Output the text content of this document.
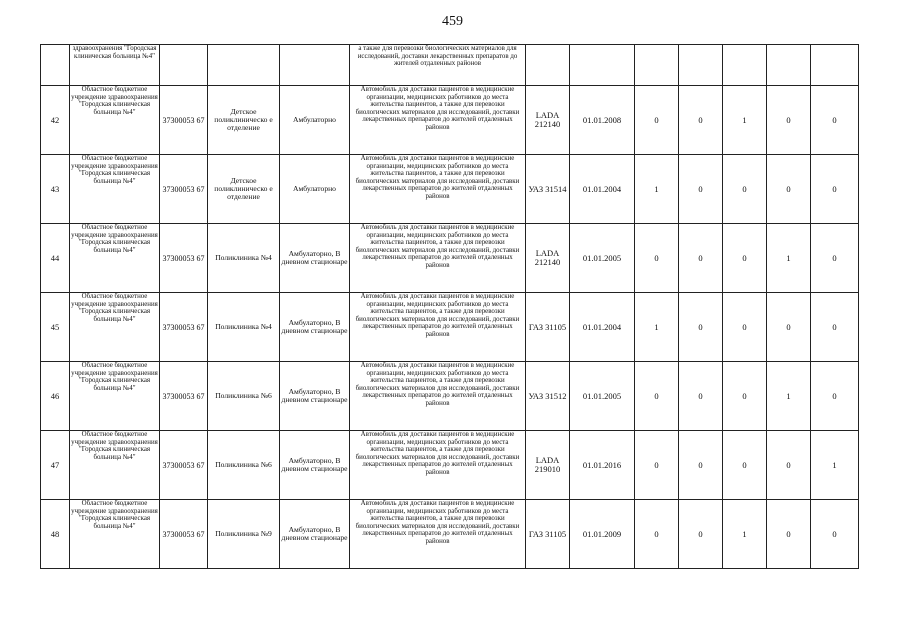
459
	здравоохранения "Городская клиническая больница №4"				а также для перевозки биологических материалов для исследований, доставки лекарственных препаратов до жителей отдаленных районов							
42	Областное бюджетное учреждение здравоохранения "Городская клиническая больница №4"	37300053 67	Детское поликлиническо е отделение	Амбулаторно	Автомобиль для доставки пациентов в медицинские организации, медицинских работников до места жительства пациентов, а также для перевозки биологических материалов для исследований, доставки лекарственных препаратов до жителей отдаленных районов	LADA 212140	01.01.2008	0	0	1	0	0
43	Областное бюджетное учреждение здравоохранения "Городская клиническая больница №4"	37300053 67	Детское поликлиническо е отделение	Амбулаторно	Автомобиль для доставки пациентов в медицинские организации, медицинских работников до места жительства пациентов, а также для перевозки биологических материалов для исследований, доставки лекарственных препаратов до жителей отдаленных районов	УАЗ 31514	01.01.2004	1	0	0	0	0
44	Областное бюджетное учреждение здравоохранения "Городская клиническая больница №4"	37300053 67	Поликлиника №4	Амбулаторно, В дневном стационаре	Автомобиль для доставки пациентов в медицинские организации, медицинских работников до места жительства пациентов, а также для перевозки биологических материалов для исследований, доставки лекарственных препаратов до жителей отдаленных районов	LADA 212140	01.01.2005	0	0	0	1	0
45	Областное бюджетное учреждение здравоохранения "Городская клиническая больница №4"	37300053 67	Поликлиника №4	Амбулаторно, В дневном стационаре	Автомобиль для доставки пациентов в медицинские организации, медицинских работников до места жительства пациентов, а также для перевозки биологических материалов для исследований, доставки лекарственных препаратов до жителей отдаленных районов	ГАЗ 31105	01.01.2004	1	0	0	0	0
46	Областное бюджетное учреждение здравоохранения "Городская клиническая больница №4"	37300053 67	Поликлиника №6	Амбулаторно, В дневном стационаре	Автомобиль для доставки пациентов в медицинские организации, медицинских работников до места жительства пациентов, а также для перевозки биологических материалов для исследований, доставки лекарственных препаратов до жителей отдаленных районов	УАЗ 31512	01.01.2005	0	0	0	1	0
47	Областное бюджетное учреждение здравоохранения "Городская клиническая больница №4"	37300053 67	Поликлиника №6	Амбулаторно, В дневном стационаре	Автомобиль для доставки пациентов в медицинские организации, медицинских работников до места жительства пациентов, а также для перевозки биологических материалов для исследований, доставки лекарственных препаратов до жителей отдаленных районов	LADA 219010	01.01.2016	0	0	0	0	1
48	Областное бюджетное учреждение здравоохранения "Городская клиническая больница №4"	37300053 67	Поликлиника №9	Амбулаторно, В дневном стационаре	Автомобиль для доставки пациентов в медицинские организации, медицинских работников до места жительства пациентов, а также для перевозки биологических материалов для исследований, доставки лекарственных препаратов до жителей отдаленных районов	ГАЗ 31105	01.01.2009	0	0	1	0	0
